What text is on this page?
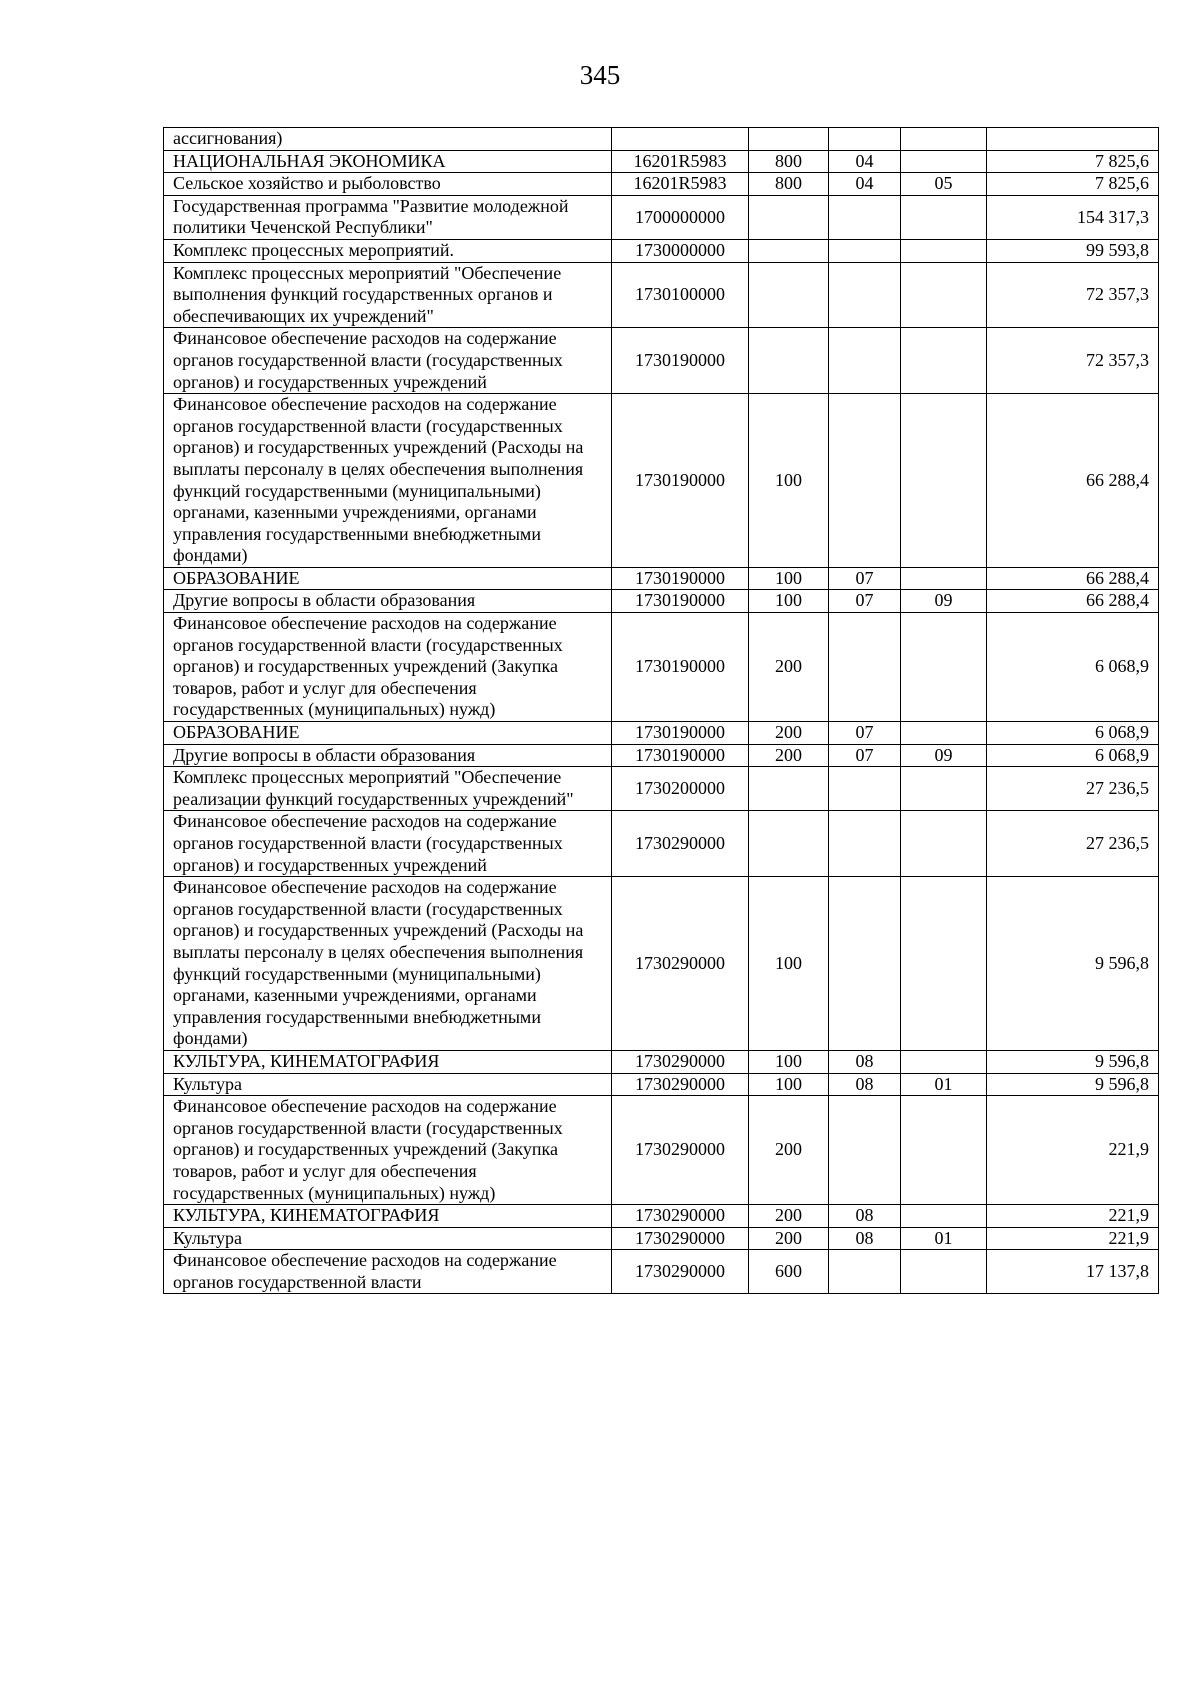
345
ассигнования)					
НАЦИОНАЛЬНАЯ ЭКОНОМИКА	16201R5983	800	04		7 825,6
Сельское хозяйство и рыболовство	16201R5983	800	04	05	7 825,6
Государственная программа "Развитие молодежной политики Чеченской Республики"	1700000000				154 317,3
Комплекс процессных мероприятий.	1730000000				99 593,8
Комплекс процессных мероприятий "Обеспечение выполнения функций государственных органов и обеспечивающих их учреждений"	1730100000				72 357,3
Финансовое обеспечение расходов на содержание органов государственной власти (государственных органов) и государственных учреждений	1730190000				72 357,3
Финансовое обеспечение расходов на содержание органов государственной власти (государственных органов) и государственных учреждений (Расходы на выплаты персоналу в целях обеспечения выполнения функций государственными (муниципальными) органами, казенными учреждениями, органами управления государственными внебюджетными фондами)	1730190000	100			66 288,4
ОБРАЗОВАНИЕ	1730190000	100	07		66 288,4
Другие вопросы в области образования	1730190000	100	07	09	66 288,4
Финансовое обеспечение расходов на содержание органов государственной власти (государственных органов) и государственных учреждений (Закупка товаров, работ и услуг для обеспечения государственных (муниципальных) нужд)	1730190000	200			6 068,9
ОБРАЗОВАНИЕ	1730190000	200	07		6 068,9
Другие вопросы в области образования	1730190000	200	07	09	6 068,9
Комплекс процессных мероприятий "Обеспечение реализации функций государственных учреждений"	1730200000				27 236,5
Финансовое обеспечение расходов на содержание органов государственной власти (государственных органов) и государственных учреждений	1730290000				27 236,5
Финансовое обеспечение расходов на содержание органов государственной власти (государственных органов) и государственных учреждений (Расходы на выплаты персоналу в целях обеспечения выполнения функций государственными (муниципальными) органами, казенными учреждениями, органами управления государственными внебюджетными фондами)	1730290000	100			9 596,8
КУЛЬТУРА, КИНЕМАТОГРАФИЯ	1730290000	100	08		9 596,8
Культура	1730290000	100	08	01	9 596,8
Финансовое обеспечение расходов на содержание органов государственной власти (государственных органов) и государственных учреждений (Закупка товаров, работ и услуг для обеспечения государственных (муниципальных) нужд)	1730290000	200			221,9
КУЛЬТУРА, КИНЕМАТОГРАФИЯ	1730290000	200	08		221,9
Культура	1730290000	200	08	01	221,9
Финансовое обеспечение расходов на содержание органов государственной власти	1730290000	600			17 137,8
